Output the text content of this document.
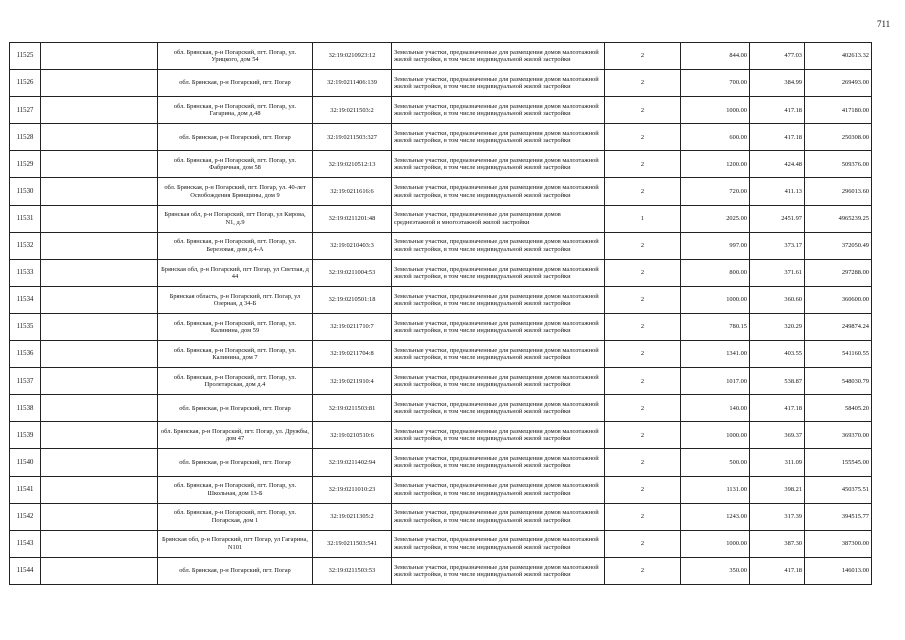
711
11525		обл. Брянская, р-н Погарский, пгт. Погар, ул. Урицкого, дом 54	32:19:0210923:12	Земельные участки, предназначенные для размещения домов малоэтажной жилой застройки, в том числе индивидуальной жилой застройки	2	844.00	477.03	402613.32
11526		обл. Брянская, р-н Погарский, пгт. Погар	32:19:0211406:139	Земельные участки, предназначенные для размещения домов малоэтажной жилой застройки, в том числе индивидуальной жилой застройки	2	700.00	384.99	269493.00
11527		обл. Брянская, р-н Погарский, пгт. Погар, ул. Гагарина, дом д.48	32:19:0211503:2	Земельные участки, предназначенные для размещения домов малоэтажной жилой застройки, в том числе индивидуальной жилой застройки	2	1000.00	417.18	417180.00
11528		обл. Брянская, р-н Погарский, пгт. Погар	32:19:0211503:327	Земельные участки, предназначенные для размещения домов малоэтажной жилой застройки, в том числе индивидуальной жилой застройки	2	600.00	417.18	250308.00
11529		обл. Брянская, р-н Погарский, пгт. Погар, ул. Фабричная, дом 58	32:19:0210512:13	Земельные участки, предназначенные для размещения домов малоэтажной жилой застройки, в том числе индивидуальной жилой застройки	2	1200.00	424.48	509376.00
11530		обл. Брянская, р-н Погарский, пгт. Погар, ул. 40-лет Освобождения Брянщины, дом 9	32:19:0211616:6	Земельные участки, предназначенные для размещения домов малоэтажной жилой застройки, в том числе индивидуальной жилой застройки	2	720.00	411.13	296013.60
11531		Брянская обл, р-н Погарский, пгт Погар, ул Кирова, N1, д.9	32:19:0211201:48	Земельные участки, предназначенные для размещения домов среднеэтажной и многоэтажной жилой застройки	1	2025.00	2451.97	4965239.25
11532		обл. Брянская, р-н Погарский, пгт. Погар, ул. Березовая, дом д.4-А	32:19:0210403:3	Земельные участки, предназначенные для размещения домов малоэтажной жилой застройки, в том числе индивидуальной жилой застройки	2	997.00	373.17	372050.49
11533		Брянская обл, р-н Погарский, пгт Погар, ул Светлая, д 44	32:19:0211004:53	Земельные участки, предназначенные для размещения домов малоэтажной жилой застройки, в том числе индивидуальной жилой застройки	2	800.00	371.61	297288.00
11534		Брянская область, р-н Погарский, пгт. Погар, ул Озерная, д 34-Б	32:19:0210501:18	Земельные участки, предназначенные для размещения домов малоэтажной жилой застройки, в том числе индивидуальной жилой застройки	2	1000.00	360.60	360600.00
11535		обл. Брянская, р-н Погарский, пгт. Погар, ул. Калинина, дом 59	32:19:0211710:7	Земельные участки, предназначенные для размещения домов малоэтажной жилой застройки, в том числе индивидуальной жилой застройки	2	780.15	320.29	249874.24
11536		обл. Брянская, р-н Погарский, пгт. Погар, ул. Калинина, дом 7	32:19:0211704:8	Земельные участки, предназначенные для размещения домов малоэтажной жилой застройки, в том числе индивидуальной жилой застройки	2	1341.00	403.55	541160.55
11537		обл. Брянская, р-н Погарский, пгт. Погар, ул. Пролетарская, дом д.4	32:19:0211910:4	Земельные участки, предназначенные для размещения домов малоэтажной жилой застройки, в том числе индивидуальной жилой застройки	2	1017.00	538.87	548030.79
11538		обл. Брянская, р-н Погарский, пгт. Погар	32:19:0211503:81	Земельные участки, предназначенные для размещения домов малоэтажной жилой застройки, в том числе индивидуальной жилой застройки	2	140.00	417.18	58405.20
11539		обл. Брянская, р-н Погарский, пгт. Погар, ул. Дружбы, дом 47	32:19:0210510:6	Земельные участки, предназначенные для размещения домов малоэтажной жилой застройки, в том числе индивидуальной жилой застройки	2	1000.00	369.37	369370.00
11540		обл. Брянская, р-н Погарский, пгт. Погар	32:19:0211402:94	Земельные участки, предназначенные для размещения домов малоэтажной жилой застройки, в том числе индивидуальной жилой застройки	2	500.00	311.09	155545.00
11541		обл. Брянская, р-н Погарский, пгт. Погар, ул. Школьная, дом 13-Б	32:19:0211010:23	Земельные участки, предназначенные для размещения домов малоэтажной жилой застройки, в том числе индивидуальной жилой застройки	2	1131.00	398.21	450375.51
11542		обл. Брянская, р-н Погарский, пгт. Погар, ул. Погарская, дом 1	32:19:0211305:2	Земельные участки, предназначенные для размещения домов малоэтажной жилой застройки, в том числе индивидуальной жилой застройки	2	1243.00	317.39	394515.77
11543		Брянская обл, р-н Погарский, пгт Погар, ул Гагарина, N101	32:19:0211503:541	Земельные участки, предназначенные для размещения домов малоэтажной жилой застройки, в том числе индивидуальной жилой застройки	2	1000.00	387.30	387300.00
11544		обл. Брянская, р-н Погарский, пгт. Погар	32:19:0211503:53	Земельные участки, предназначенные для размещения домов малоэтажной жилой застройки, в том числе индивидуальной жилой застройки	2	350.00	417.18	146013.00
